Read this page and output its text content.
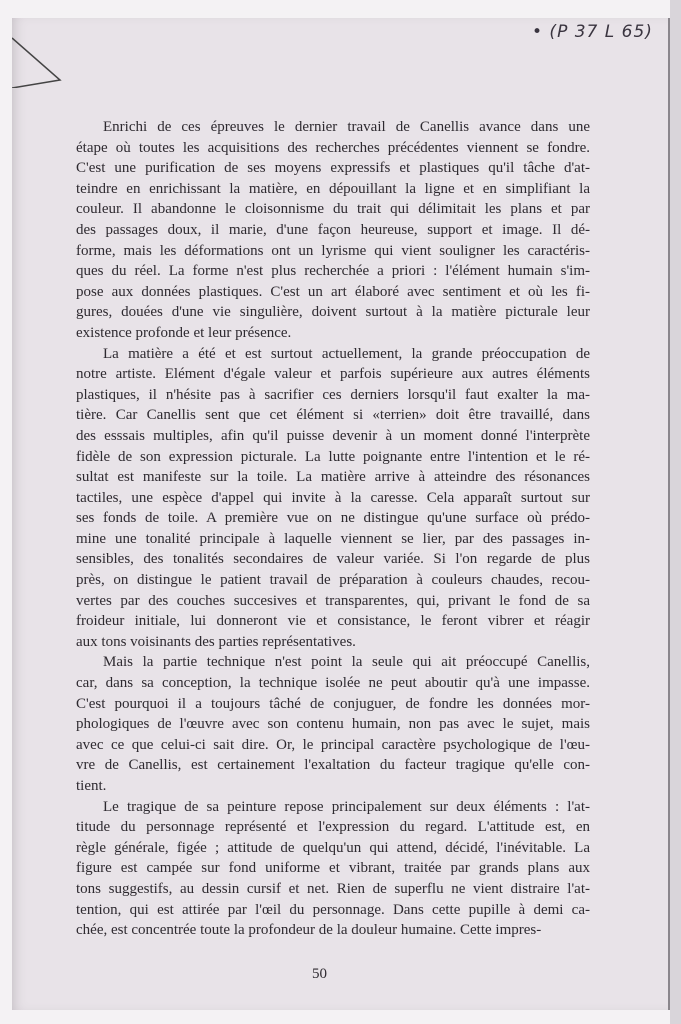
• (P 37 L 65)
Enrichi de ces épreuves le dernier travail de Canellis avance dans une
étape où toutes les acquisitions des recherches précédentes viennent se fondre.
C'est une purification de ses moyens expressifs et plastiques qu'il tâche d'at-
teindre en enrichissant la matière, en dépouillant la ligne et en simplifiant la
couleur. Il abandonne le cloisonnisme du trait qui délimitait les plans et par
des passages doux, il marie, d'une façon heureuse, support et image. Il dé-
forme, mais les déformations ont un lyrisme qui vient souligner les caractéris-
ques du réel. La forme n'est plus recherchée a priori : l'élément humain s'im-
pose aux données plastiques. C'est un art élaboré avec sentiment et où les fi-
gures, douées d'une vie singulière, doivent surtout à la matière picturale leur
existence profonde et leur présence.
La matière a été et est surtout actuellement, la grande préoccupation de
notre artiste. Elément d'égale valeur et parfois supérieure aux autres éléments
plastiques, il n'hésite pas à sacrifier ces derniers lorsqu'il faut exalter la ma-
tière. Car Canellis sent que cet élément si «terrien» doit être travaillé, dans
des esssais multiples, afin qu'il puisse devenir à un moment donné l'interprète
fidèle de son expression picturale. La lutte poignante entre l'intention et le ré-
sultat est manifeste sur la toile. La matière arrive à atteindre des résonances
tactiles, une espèce d'appel qui invite à la caresse. Cela apparaît surtout sur
ses fonds de toile. A première vue on ne distingue qu'une surface où prédo-
mine une tonalité principale à laquelle viennent se lier, par des passages in-
sensibles, des tonalités secondaires de valeur variée. Si l'on regarde de plus
près, on distingue le patient travail de préparation à couleurs chaudes, recou-
vertes par des couches succesives et transparentes, qui, privant le fond de sa
froideur initiale, lui donneront vie et consistance, le feront vibrer et réagir
aux tons voisinants des parties représentatives.
Mais la partie technique n'est point la seule qui ait préoccupé Canellis,
car, dans sa conception, la technique isolée ne peut aboutir qu'à une impasse.
C'est pourquoi il a toujours tâché de conjuguer, de fondre les données mor-
phologiques de l'œuvre avec son contenu humain, non pas avec le sujet, mais
avec ce que celui-ci sait dire. Or, le principal caractère psychologique de l'œu-
vre de Canellis, est certainement l'exaltation du facteur tragique qu'elle con-
tient.
Le tragique de sa peinture repose principalement sur deux éléments : l'at-
titude du personnage représenté et l'expression du regard. L'attitude est, en
règle générale, figée ; attitude de quelqu'un qui attend, décidé, l'inévitable. La
figure est campée sur fond uniforme et vibrant, traitée par grands plans aux
tons suggestifs, au dessin cursif et net. Rien de superflu ne vient distraire l'at-
tention, qui est attirée par l'œil du personnage. Dans cette pupille à demi ca-
chée, est concentrée toute la profondeur de la douleur humaine. Cette impres-
50
